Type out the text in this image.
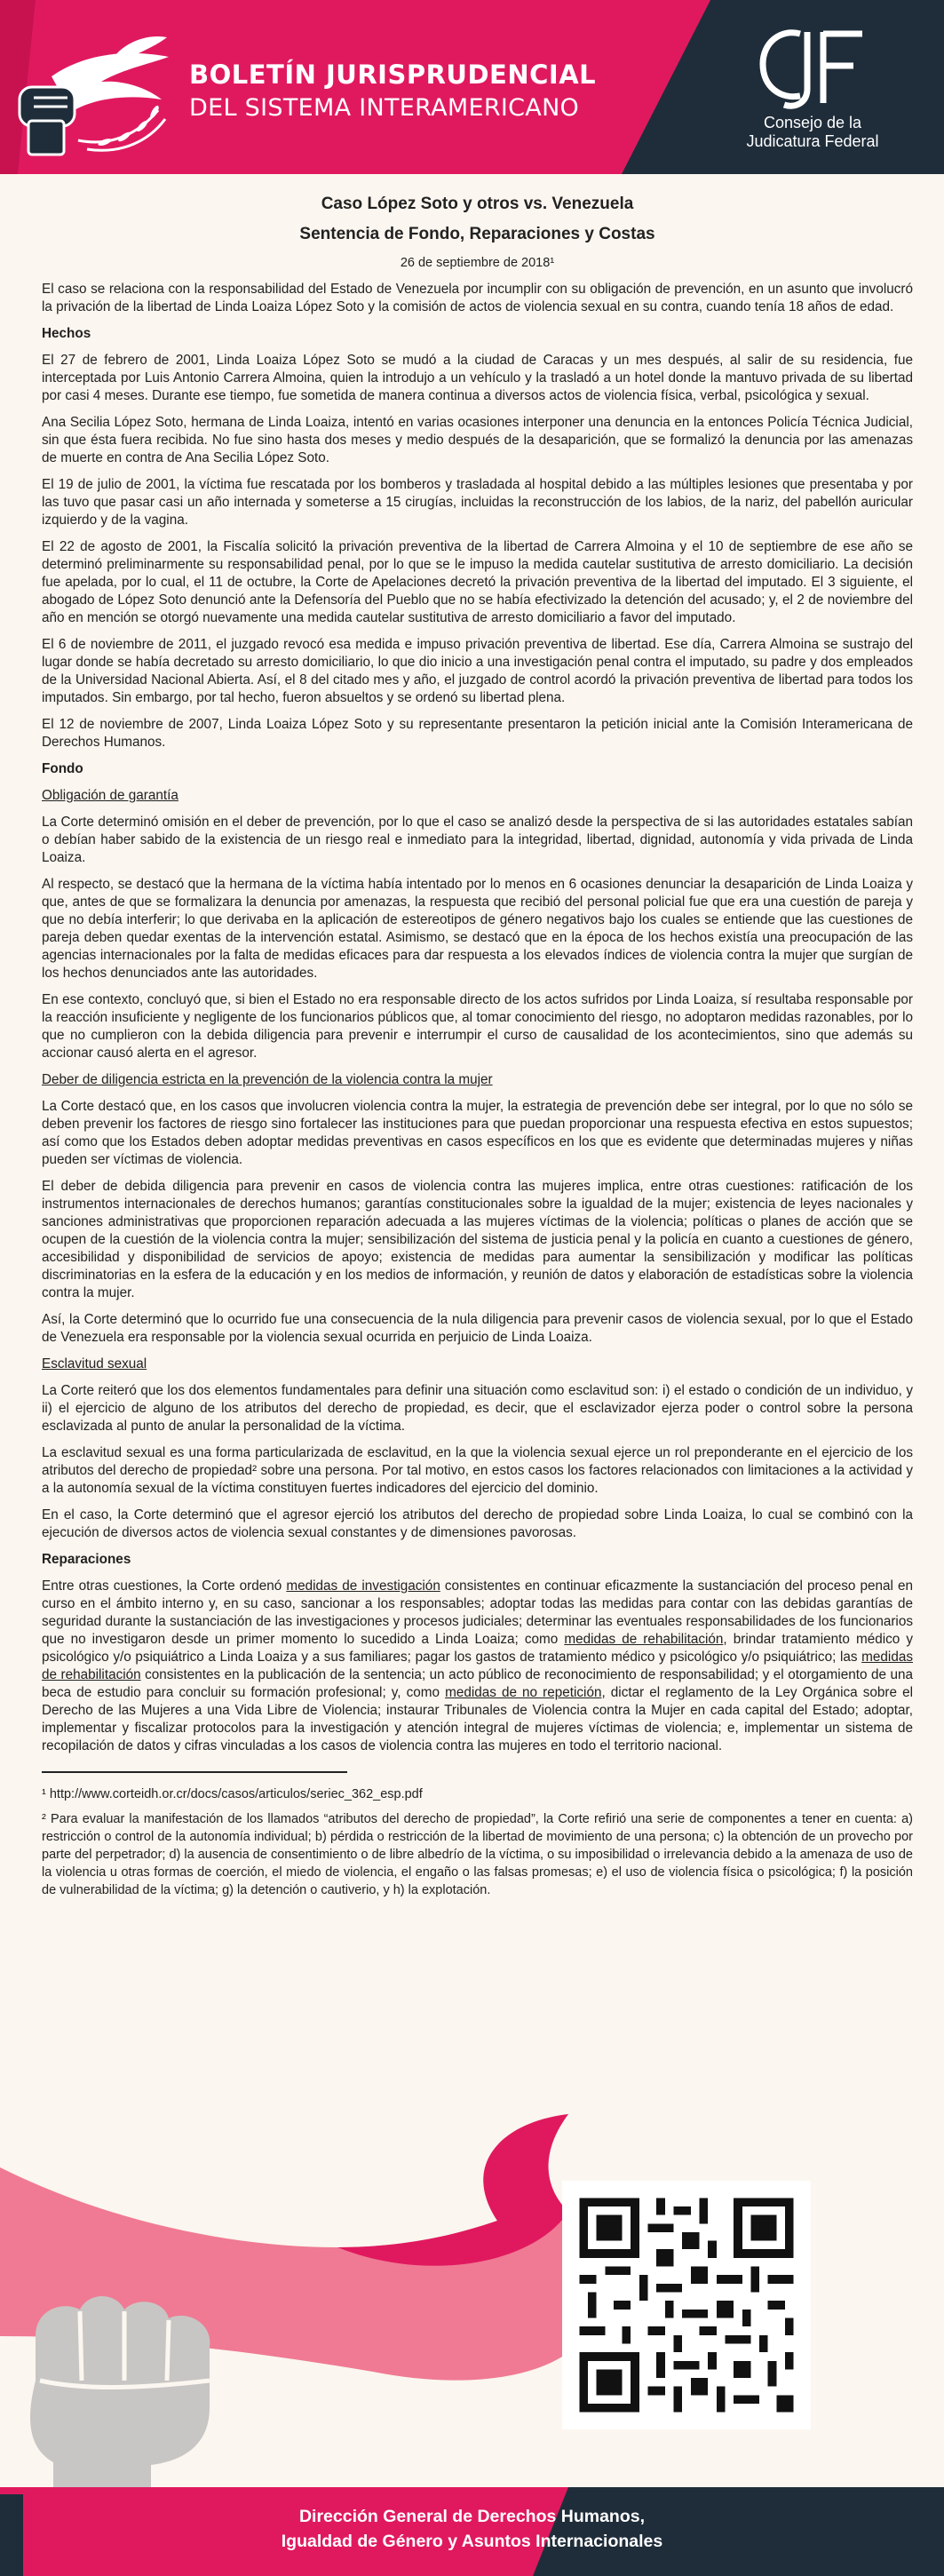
BOLETÍN JURISPRUDENCIAL
DEL SISTEMA INTERAMERICANO
Consejo de la
Judicatura Federal

Caso López Soto y otros vs. Venezuela

Sentencia de Fondo, Reparaciones y Costas

26 de septiembre de 2018¹

El caso se relaciona con la responsabilidad del Estado de Venezuela por incumplir con su obligación de prevención, en un asunto que involucró la privación de la libertad de Linda Loaiza López Soto y la comisión de actos de violencia sexual en su contra, cuando tenía 18 años de edad.

Hechos

El 27 de febrero de 2001, Linda Loaiza López Soto se mudó a la ciudad de Caracas y un mes después, al salir de su residencia, fue interceptada por Luis Antonio Carrera Almoina, quien la introdujo a un vehículo y la trasladó a un hotel donde la mantuvo privada de su libertad por casi 4 meses. Durante ese tiempo, fue sometida de manera continua a diversos actos de violencia física, verbal, psicológica y sexual.

Ana Secilia López Soto, hermana de Linda Loaiza, intentó en varias ocasiones interponer una denuncia en la entonces Policía Técnica Judicial, sin que ésta fuera recibida. No fue sino hasta dos meses y medio después de la desaparición, que se formalizó la denuncia por las amenazas de muerte en contra de Ana Secilia López Soto.

El 19 de julio de 2001, la víctima fue rescatada por los bomberos y trasladada al hospital debido a las múltiples lesiones que presentaba y por las tuvo que pasar casi un año internada y someterse a 15 cirugías, incluidas la reconstrucción de los labios, de la nariz, del pabellón auricular izquierdo y de la vagina.

El 22 de agosto de 2001, la Fiscalía solicitó la privación preventiva de la libertad de Carrera Almoina y el 10 de septiembre de ese año se determinó preliminarmente su responsabilidad penal, por lo que se le impuso la medida cautelar sustitutiva de arresto domiciliario. La decisión fue apelada, por lo cual, el 11 de octubre, la Corte de Apelaciones decretó la privación preventiva de la libertad del imputado. El 3 siguiente, el abogado de López Soto denunció ante la Defensoría del Pueblo que no se había efectivizado la detención del acusado; y, el 2 de noviembre del año en mención se otorgó nuevamente una medida cautelar sustitutiva de arresto domiciliario a favor del imputado.

El 6 de noviembre de 2011, el juzgado revocó esa medida e impuso privación preventiva de libertad. Ese día, Carrera Almoina se sustrajo del lugar donde se había decretado su arresto domiciliario, lo que dio inicio a una investigación penal contra el imputado, su padre y dos empleados de la Universidad Nacional Abierta. Así, el 8 del citado mes y año, el juzgado de control acordó la privación preventiva de libertad para todos los imputados. Sin embargo, por tal hecho, fueron absueltos y se ordenó su libertad plena.

El 12 de noviembre de 2007, Linda Loaiza López Soto y su representante presentaron la petición inicial ante la Comisión Interamericana de Derechos Humanos.

Fondo

Obligación de garantía

La Corte determinó omisión en el deber de prevención, por lo que el caso se analizó desde la perspectiva de si las autoridades estatales sabían o debían haber sabido de la existencia de un riesgo real e inmediato para la integridad, libertad, dignidad, autonomía y vida privada de Linda Loaiza.

Al respecto, se destacó que la hermana de la víctima había intentado por lo menos en 6 ocasiones denunciar la desaparición de Linda Loaiza y que, antes de que se formalizara la denuncia por amenazas, la respuesta que recibió del personal policial fue que era una cuestión de pareja y que no debía interferir; lo que derivaba en la aplicación de estereotipos de género negativos bajo los cuales se entiende que las cuestiones de pareja deben quedar exentas de la intervención estatal. Asimismo, se destacó que en la época de los hechos existía una preocupación de las agencias internacionales por la falta de medidas eficaces para dar respuesta a los elevados índices de violencia contra la mujer que surgían de los hechos denunciados ante las autoridades.

En ese contexto, concluyó que, si bien el Estado no era responsable directo de los actos sufridos por Linda Loaiza, sí resultaba responsable por la reacción insuficiente y negligente de los funcionarios públicos que, al tomar conocimiento del riesgo, no adoptaron medidas razonables, por lo que no cumplieron con la debida diligencia para prevenir e interrumpir el curso de causalidad de los acontecimientos, sino que además su accionar causó alerta en el agresor.

Deber de diligencia estricta en la prevención de la violencia contra la mujer

La Corte destacó que, en los casos que involucren violencia contra la mujer, la estrategia de prevención debe ser integral, por lo que no sólo se deben prevenir los factores de riesgo sino fortalecer las instituciones para que puedan proporcionar una respuesta efectiva en estos supuestos; así como que los Estados deben adoptar medidas preventivas en casos específicos en los que es evidente que determinadas mujeres y niñas pueden ser víctimas de violencia.

El deber de debida diligencia para prevenir en casos de violencia contra las mujeres implica, entre otras cuestiones: ratificación de los instrumentos internacionales de derechos humanos; garantías constitucionales sobre la igualdad de la mujer; existencia de leyes nacionales y sanciones administrativas que proporcionen reparación adecuada a las mujeres víctimas de la violencia; políticas o planes de acción que se ocupen de la cuestión de la violencia contra la mujer; sensibilización del sistema de justicia penal y la policía en cuanto a cuestiones de género, accesibilidad y disponibilidad de servicios de apoyo; existencia de medidas para aumentar la sensibilización y modificar las políticas discriminatorias en la esfera de la educación y en los medios de información, y reunión de datos y elaboración de estadísticas sobre la violencia contra la mujer.

Así, la Corte determinó que lo ocurrido fue una consecuencia de la nula diligencia para prevenir casos de violencia sexual, por lo que el Estado de Venezuela era responsable por la violencia sexual ocurrida en perjuicio de Linda Loaiza.

Esclavitud sexual

La Corte reiteró que los dos elementos fundamentales para definir una situación como esclavitud son: i) el estado o condición de un individuo, y ii) el ejercicio de alguno de los atributos del derecho de propiedad, es decir, que el esclavizador ejerza poder o control sobre la persona esclavizada al punto de anular la personalidad de la víctima.

La esclavitud sexual es una forma particularizada de esclavitud, en la que la violencia sexual ejerce un rol preponderante en el ejercicio de los atributos del derecho de propiedad² sobre una persona. Por tal motivo, en estos casos los factores relacionados con limitaciones a la actividad y a la autonomía sexual de la víctima constituyen fuertes indicadores del ejercicio del dominio.

En el caso, la Corte determinó que el agresor ejerció los atributos del derecho de propiedad sobre Linda Loaiza, lo cual se combinó con la ejecución de diversos actos de violencia sexual constantes y de dimensiones pavorosas.

Reparaciones

Entre otras cuestiones, la Corte ordenó medidas de investigación consistentes en continuar eficazmente la sustanciación del proceso penal en curso en el ámbito interno y, en su caso, sancionar a los responsables; adoptar todas las medidas para contar con las debidas garantías de seguridad durante la sustanciación de las investigaciones y procesos judiciales; determinar las eventuales responsabilidades de los funcionarios que no investigaron desde un primer momento lo sucedido a Linda Loaiza; como medidas de rehabilitación, brindar tratamiento médico y psicológico y/o psiquiátrico a Linda Loaiza y a sus familiares; pagar los gastos de tratamiento médico y psicológico y/o psiquiátrico; las medidas de rehabilitación consistentes en la publicación de la sentencia; un acto público de reconocimiento de responsabilidad; y el otorgamiento de una beca de estudio para concluir su formación profesional; y, como medidas de no repetición, dictar el reglamento de la Ley Orgánica sobre el Derecho de las Mujeres a una Vida Libre de Violencia; instaurar Tribunales de Violencia contra la Mujer en cada capital del Estado; adoptar, implementar y fiscalizar protocolos para la investigación y atención integral de mujeres víctimas de violencia; e, implementar un sistema de recopilación de datos y cifras vinculadas a los casos de violencia contra las mujeres en todo el territorio nacional.

¹ http://www.corteidh.or.cr/docs/casos/articulos/seriec_362_esp.pdf

² Para evaluar la manifestación de los llamados “atributos del derecho de propiedad”, la Corte refirió una serie de componentes a tener en cuenta: a) restricción o control de la autonomía individual; b) pérdida o restricción de la libertad de movimiento de una persona; c) la obtención de un provecho por parte del perpetrador; d) la ausencia de consentimiento o de libre albedrío de la víctima, o su imposibilidad o irrelevancia debido a la amenaza de uso de la violencia u otras formas de coerción, el miedo de violencia, el engaño o las falsas promesas; e) el uso de violencia física o psicológica; f) la posición de vulnerabilidad de la víctima; g) la detención o cautiverio, y h) la explotación.

Dirección General de Derechos Humanos,
Igualdad de Género y Asuntos Internacionales
